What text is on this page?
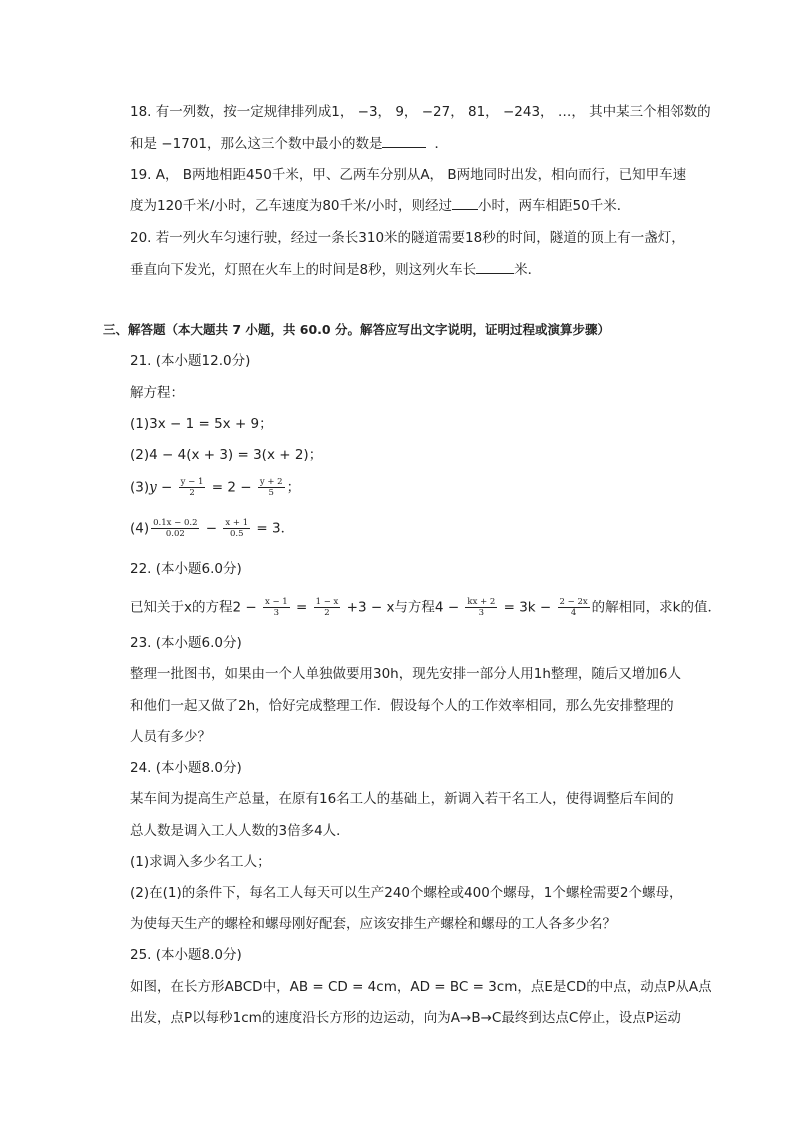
18. 有一列数，按一定规律排列成1， −3， 9， −27， 81， −243， …， 其中某三个相邻数的
和是 −1701，那么这三个数中最小的数是	．
19. A， B两地相距450千米，甲、乙两车分别从A， B两地同时出发，相向而行，已知甲车速
度为120千米/小时，乙车速度为80千米/小时，则经过 小时，两车相距50千米．
20. 若一列火车匀速行驶，经过一条长310米的隧道需要18秒的时间，隧道的顶上有一盏灯，
垂直向下发光，灯照在火车上的时间是8秒，则这列火车长	米．
三、解答题（本大题共 7 小题，共 60.0 分。解答应写出文字说明，证明过程或演算步骤）
21. (本小题12.0分)
解方程：
(1)3x − 1 = 5x + 9；
(2)4 − 4(x + 3) = 3(x + 2)；
$(3)y - \frac{y - 1}{2} = 2 - \frac{y + 2}{5}$ ；
$(4) \frac{0.1x - 0.2}{0.02} - \frac{x + 1}{0.5} = 3$．
22. (本小题6.0分)
已知关于x的方程$2 - \frac{x - 1}{3} = \frac{1 - x}{2} +3 - x$与方程$4 - \frac{kx + 2}{3} = 3k - \frac{2 - 2x}{4}$ 的解相同，求k的值．
23. (本小题6.0分)
整理一批图书，如果由一个人单独做要用30h，现先安排一部分人用1h整理，随后又增加6人
和他们一起又做了2h，恰好完成整理工作．假设每个人的工作效率相同，那么先安排整理的
人员有多少？
24. (本小题8.0分)
某车间为提高生产总量，在原有16名工人的基础上，新调入若干名工人，使得调整后车间的
总人数是调入工人人数的3倍多4人．
(1)求调入多少名工人；
(2)在(1)的条件下，每名工人每天可以生产240个螺栓或400个螺母，1个螺栓需要2个螺母，
为使每天生产的螺栓和螺母刚好配套，应该安排生产螺栓和螺母的工人各多少名？
25. (本小题8.0分)
如图，在长方形ABCD中，AB = CD = 4cm，AD = BC = 3cm，点E是CD的中点，动点P从A点
出发，点P以每秒1cm的速度沿长方形的边运动，向为A→B→C最终到达点C停止，设点P运动
